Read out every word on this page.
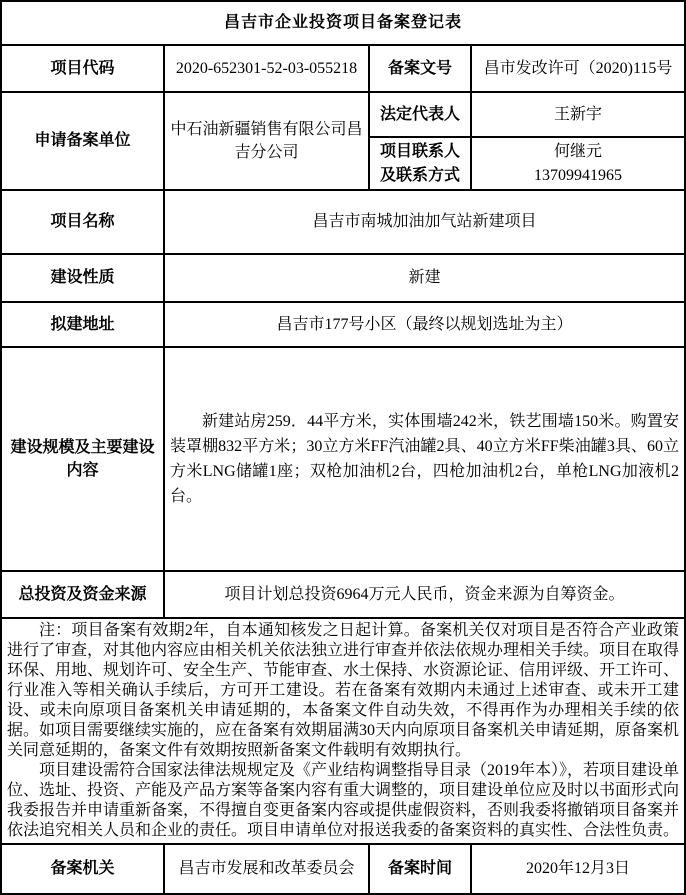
昌吉市企业投资项目备案登记表			
项目代码	2020-652301-52-03-055218	备案文号	昌市发改许可（2020)115号
申请备案单位	中石油新疆销售有限公司昌吉分公司	法定代表人	王新宇
		项目联系人及联系方式	何继元
13709941965

项目名称	昌吉市南城加油加气站新建项目		
建设性质	新建		
拟建地址	昌吉市177号小区（最终以规划选址为主）		
建设规模及主要建设内容	新建站房259．44平方米，实体围墙242米，铁艺围墙150米。购置安装罩棚832平方米；30立方米FF汽油罐2具、40立方米FF柴油罐3具、60立方米LNG储罐1座；双枪加油机2台，四枪加油机2台，单枪LNG加液机2台。		

总投资及资金来源	项目计划总投资6964万元人民币，资金来源为自筹资金。		

注：项目备案有效期2年，自本通知核发之日起计算。备案机关仅对项目是否符合产业政策进行了审查，对其他内容应由相关机关依法独立进行审查并依法依规办理相关手续。项目在取得环保、用地、规划许可、安全生产、节能审查、水土保持、水资源论证、信用评级、开工许可、行业准入等相关确认手续后，方可开工建设。若在备案有效期内未通过上述审查、或未开工建设、或未向原项目备案机关申请延期的，本备案文件自动失效，不得再作为办理相关手续的依据。如项目需要继续实施的，应在备案有效期届满30天内向原项目备案机关申请延期，原备案机关同意延期的，备案文件有效期按照新备案文件载明有效期执行。

项目建设需符合国家法律法规规定及《产业结构调整指导目录（2019年本）》，若项目建设单位、选址、投资、产能及产品方案等备案内容有重大调整的，项目建设单位应及时以书面形式向我委报告并申请重新备案，不得擅自变更备案内容或提供虚假资料，否则我委将撤销项目备案并依法追究相关人员和企业的责任。项目申请单位对报送我委的备案资料的真实性、合法性负责。			

备案机关	昌吉市发展和改革委员会	备案时间	2020年12月3日
